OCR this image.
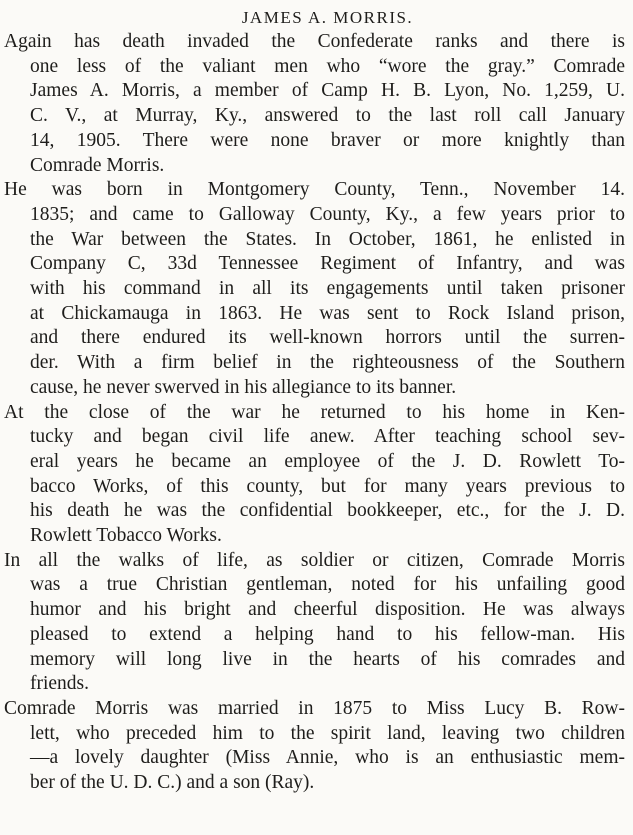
JAMES A. MORRIS.
Again has death invaded the Confederate ranks and there is
one less of the valiant men who “wore the gray.” Comrade
James A. Morris, a member of Camp H. B. Lyon, No. 1,259, U.
C. V., at Murray, Ky., answered to the last roll call January
14, 1905. There were none braver or more knightly than
Comrade Morris.
He was born in Montgomery County, Tenn., November 14.
1835; and came to Galloway County, Ky., a few years prior to
the War between the States. In October, 1861, he enlisted in
Company C, 33d Tennessee Regiment of Infantry, and was
with his command in all its engagements until taken prisoner
at Chickamauga in 1863. He was sent to Rock Island prison,
and there endured its well-known horrors until the surren-
der. With a firm belief in the righteousness of the Southern
cause, he never swerved in his allegiance to its banner.
At the close of the war he returned to his home in Ken-
tucky and began civil life anew. After teaching school sev-
eral years he became an employee of the J. D. Rowlett To-
bacco Works, of this county, but for many years previous to
his death he was the confidential bookkeeper, etc., for the J. D.
Rowlett Tobacco Works.
In all the walks of life, as soldier or citizen, Comrade Morris
was a true Christian gentleman, noted for his unfailing good
humor and his bright and cheerful disposition. He was always
pleased to extend a helping hand to his fellow-man. His
memory will long live in the hearts of his comrades and
friends.
Comrade Morris was married in 1875 to Miss Lucy B. Row-
lett, who preceded him to the spirit land, leaving two children
—a lovely daughter (Miss Annie, who is an enthusiastic mem-
ber of the U. D. C.) and a son (Ray).
